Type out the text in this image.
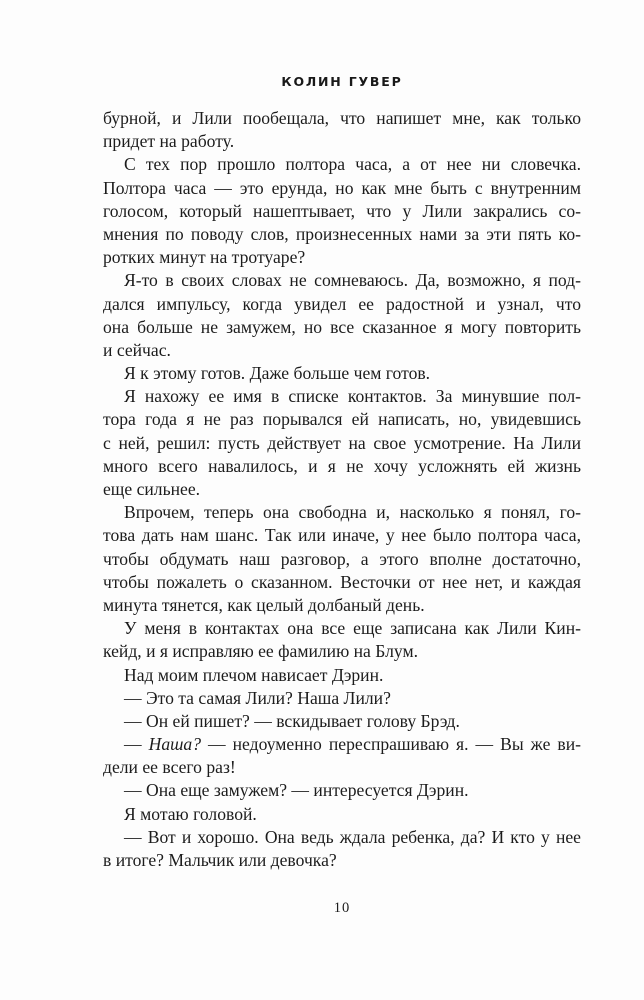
КОЛИН ГУВЕР
бурной, и Лили пообещала, что напишет мне, как только
придет на работу.
С тех пор прошло полтора часа, а от нее ни словечка.
Полтора часа — это ерунда, но как мне быть с внутренним
голосом, который нашептывает, что у Лили закрались со-
мнения по поводу слов, произнесенных нами за эти пять ко-
ротких минут на тротуаре?
Я-то в своих словах не сомневаюсь. Да, возможно, я под-
дался импульсу, когда увидел ее радостной и узнал, что
она больше не замужем, но все сказанное я могу повторить
и сейчас.
Я к этому готов. Даже больше чем готов.
Я нахожу ее имя в списке контактов. За минувшие пол-
тора года я не раз порывался ей написать, но, увидевшись
с ней, решил: пусть действует на свое усмотрение. На Лили
много всего навалилось, и я не хочу усложнять ей жизнь
еще сильнее.
Впрочем, теперь она свободна и, насколько я понял, го-
това дать нам шанс. Так или иначе, у нее было полтора часа,
чтобы обдумать наш разговор, а этого вполне достаточно,
чтобы пожалеть о сказанном. Весточки от нее нет, и каждая
минута тянется, как целый долбаный день.
У меня в контактах она все еще записана как Лили Кин-
кейд, и я исправляю ее фамилию на Блум.
Над моим плечом нависает Дэрин.
— Это та самая Лили? Наша Лили?
— Он ей пишет? — вскидывает голову Брэд.
— Наша? — недоуменно переспрашиваю я. — Вы же ви-
дели ее всего раз!
— Она еще замужем? — интересуется Дэрин.
Я мотаю головой.
— Вот и хорошо. Она ведь ждала ребенка, да? И кто у нее
в итоге? Мальчик или девочка?
10
